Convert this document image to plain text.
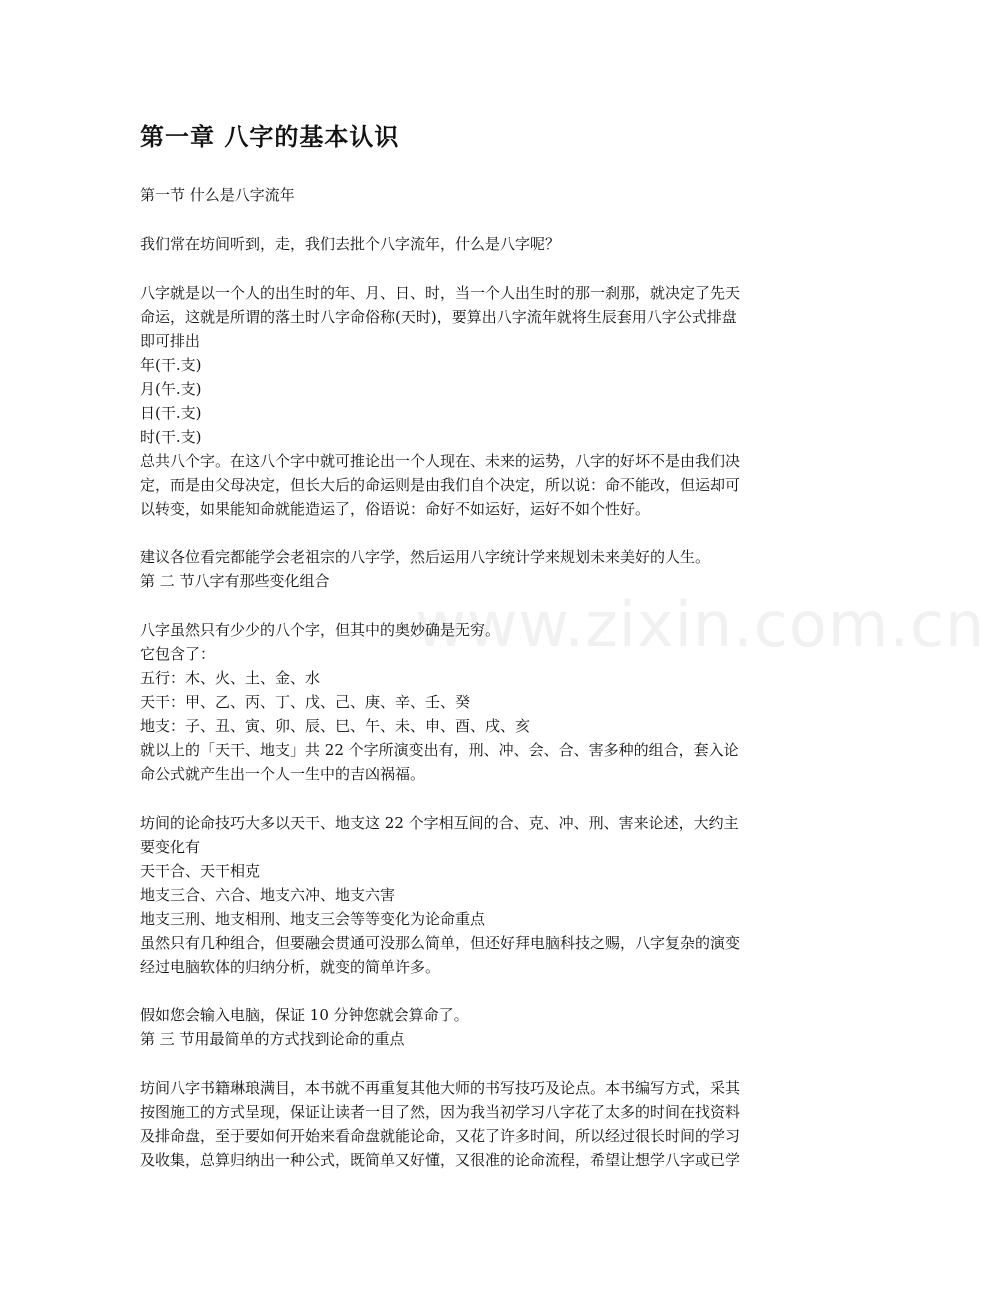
www.zixin.com.cn
第一章 八字的基本认识

第一节 什么是八字流年

我们常在坊间听到，走，我们去批个八字流年，什么是八字呢？

八字就是以一个人的出生时的年、月、日、时，当一个人出生时的那一刹那，就决定了先天

命运，这就是所谓的落土时八字命俗称(天时)，要算出八字流年就将生辰套用八字公式排盘

即可排出

年(干.支)

月(午.支)

日(干.支)

时(干.支)

总共八个字。在这八个字中就可推论出一个人现在、未来的运势，八字的好坏不是由我们决

定，而是由父母决定，但长大后的命运则是由我们自个决定，所以说：命不能改，但运却可

以转变，如果能知命就能造运了，俗语说：命好不如运好，运好不如个性好。

建议各位看完都能学会老祖宗的八字学，然后运用八字统计学来规划未来美好的人生。

第 二 节八字有那些变化组合

八字虽然只有少少的八个字，但其中的奥妙确是无穷。

它包含了：

五行：木、火、土、金、水

天干：甲、乙、丙、丁、戊、己、庚、辛、壬、癸

地支：子、丑、寅、卯、辰、巳、午、未、申、酉、戌、亥

就以上的「天干、地支」共 22 个字所演变出有，刑、冲、会、合、害多种的组合，套入论

命公式就产生出一个人一生中的吉凶祸福。

坊间的论命技巧大多以天干、地支这 22 个字相互间的合、克、冲、刑、害来论述，大约主

要变化有

天干合、天干相克

地支三合、六合、地支六冲、地支六害

地支三刑、地支相刑、地支三会等等变化为论命重点

虽然只有几种组合，但要融会贯通可没那么简单，但还好拜电脑科技之赐，八字复杂的演变

经过电脑软体的归纳分析，就变的简单许多。

假如您会输入电脑，保证 10 分钟您就会算命了。

第 三 节用最简单的方式找到论命的重点

坊间八字书籍琳琅满目，本书就不再重复其他大师的书写技巧及论点。本书编写方式，采其

按图施工的方式呈现，保证让读者一目了然，因为我当初学习八字花了太多的时间在找资料

及排命盘，至于要如何开始来看命盘就能论命，又花了许多时间，所以经过很长时间的学习

及收集，总算归纳出一种公式，既简单又好懂，又很准的论命流程，希望让想学八字或已学
